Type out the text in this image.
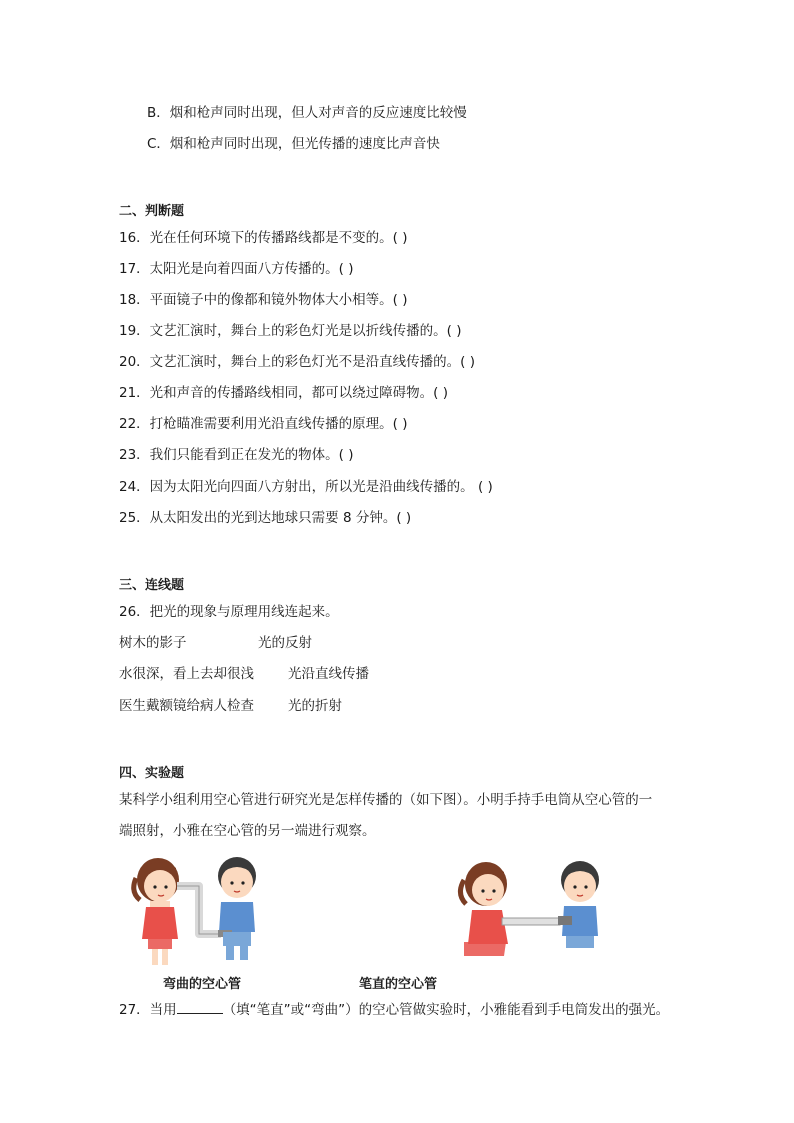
B．烟和枪声同时出现，但人对声音的反应速度比较慢
C．烟和枪声同时出现，但光传播的速度比声音快
二、判断题
16．光在任何环境下的传播路线都是不变的。( )
17．太阳光是向着四面八方传播的。( )
18．平面镜子中的像都和镜外物体大小相等。( )
19．文艺汇演时，舞台上的彩色灯光是以折线传播的。( )
20．文艺汇演时，舞台上的彩色灯光不是沿直线传播的。( )
21．光和声音的传播路线相同，都可以绕过障碍物。( )
22．打枪瞄准需要利用光沿直线传播的原理。( )
23．我们只能看到正在发光的物体。( )
24．因为太阳光向四面八方射出，所以光是沿曲线传播的。 ( )
25．从太阳发出的光到达地球只需要 8 分钟。( )
三、连线题
26．把光的现象与原理用线连起来。
树木的影子	光的反射
水很深，看上去却很浅	光沿直线传播
医生戴额镜给病人检查	光的折射
四、实验题
某科学小组利用空心管进行研究光是怎样传播的（如下图）。小明手持手电筒从空心管的一
端照射，小雅在空心管的另一端进行观察。
弯曲的空心管	笔直的空心管
27．当用	（填“笔直”或“弯曲”）的空心管做实验时，小雅能看到手电筒发出的强光。
